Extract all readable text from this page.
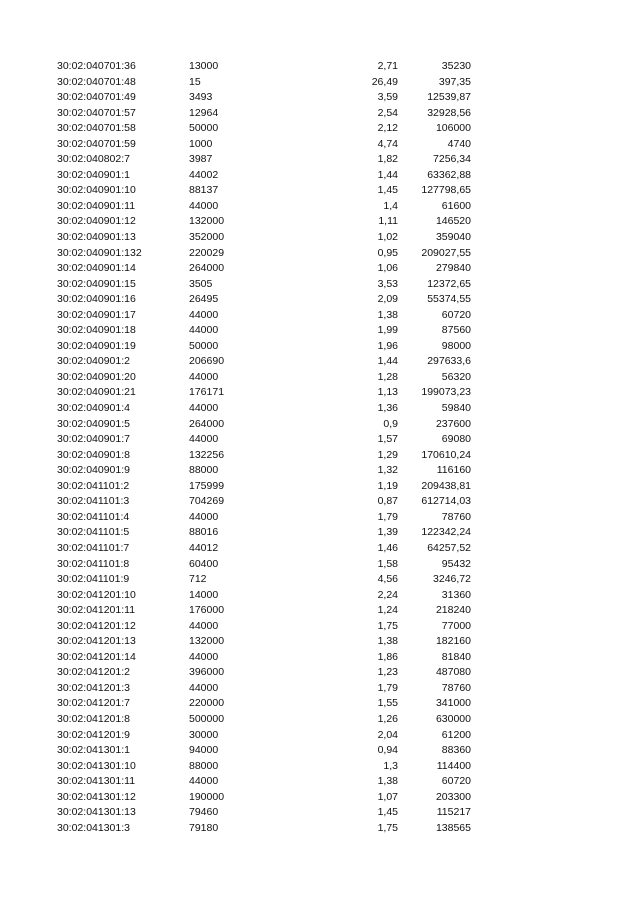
30:02:040701:36	13000	2,71	35230
30:02:040701:48	15	26,49	397,35
30:02:040701:49	3493	3,59	12539,87
30:02:040701:57	12964	2,54	32928,56
30:02:040701:58	50000	2,12	106000
30:02:040701:59	1000	4,74	4740
30:02:040802:7	3987	1,82	7256,34
30:02:040901:1	44002	1,44	63362,88
30:02:040901:10	88137	1,45	127798,65
30:02:040901:11	44000	1,4	61600
30:02:040901:12	132000	1,11	146520
30:02:040901:13	352000	1,02	359040
30:02:040901:132	220029	0,95	209027,55
30:02:040901:14	264000	1,06	279840
30:02:040901:15	3505	3,53	12372,65
30:02:040901:16	26495	2,09	55374,55
30:02:040901:17	44000	1,38	60720
30:02:040901:18	44000	1,99	87560
30:02:040901:19	50000	1,96	98000
30:02:040901:2	206690	1,44	297633,6
30:02:040901:20	44000	1,28	56320
30:02:040901:21	176171	1,13	199073,23
30:02:040901:4	44000	1,36	59840
30:02:040901:5	264000	0,9	237600
30:02:040901:7	44000	1,57	69080
30:02:040901:8	132256	1,29	170610,24
30:02:040901:9	88000	1,32	116160
30:02:041101:2	175999	1,19	209438,81
30:02:041101:3	704269	0,87	612714,03
30:02:041101:4	44000	1,79	78760
30:02:041101:5	88016	1,39	122342,24
30:02:041101:7	44012	1,46	64257,52
30:02:041101:8	60400	1,58	95432
30:02:041101:9	712	4,56	3246,72
30:02:041201:10	14000	2,24	31360
30:02:041201:11	176000	1,24	218240
30:02:041201:12	44000	1,75	77000
30:02:041201:13	132000	1,38	182160
30:02:041201:14	44000	1,86	81840
30:02:041201:2	396000	1,23	487080
30:02:041201:3	44000	1,79	78760
30:02:041201:7	220000	1,55	341000
30:02:041201:8	500000	1,26	630000
30:02:041201:9	30000	2,04	61200
30:02:041301:1	94000	0,94	88360
30:02:041301:10	88000	1,3	114400
30:02:041301:11	44000	1,38	60720
30:02:041301:12	190000	1,07	203300
30:02:041301:13	79460	1,45	115217
30:02:041301:3	79180	1,75	138565
